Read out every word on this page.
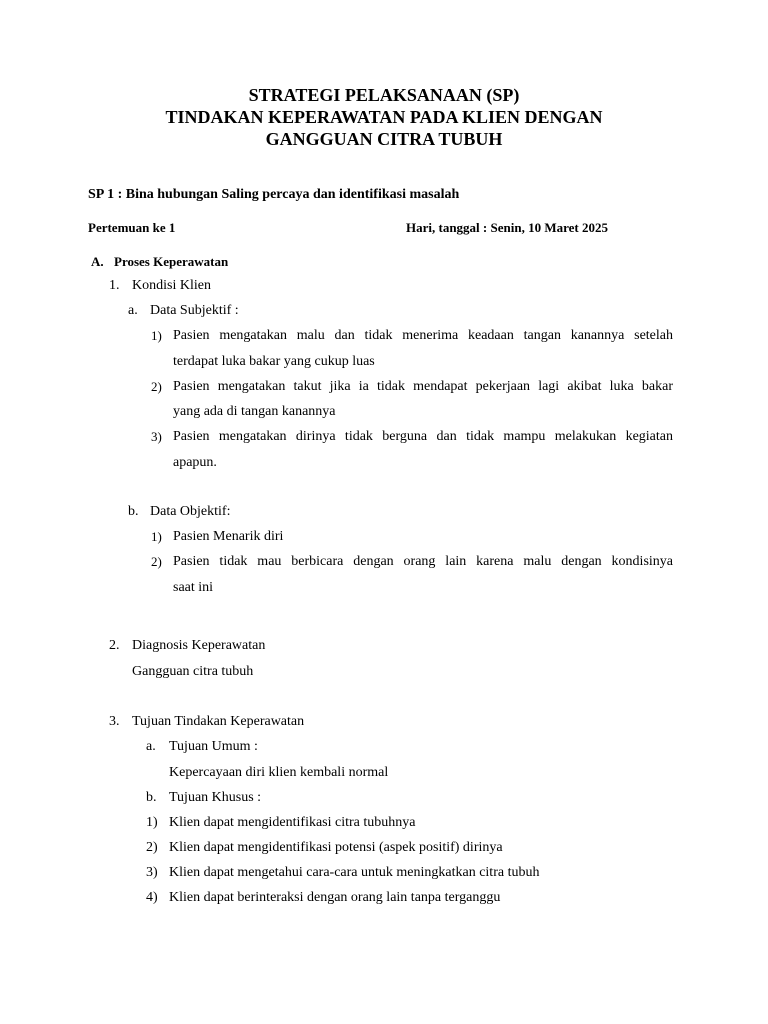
STRATEGI PELAKSANAAN (SP)
TINDAKAN KEPERAWATAN PADA KLIEN DENGAN
GANGGUAN CITRA TUBUH
SP 1 : Bina hubungan Saling percaya dan identifikasi masalah
Pertemuan ke 1	Hari, tanggal : Senin, 10 Maret 2025
A. Proses Keperawatan
1. Kondisi Klien
a. Data Subjektif :
1) Pasien mengatakan malu dan tidak menerima keadaan tangan kanannya setelah
terdapat luka bakar yang cukup luas
2) Pasien mengatakan takut jika ia tidak mendapat pekerjaan lagi akibat luka bakar
yang ada di tangan kanannya
3) Pasien mengatakan dirinya tidak berguna dan tidak mampu melakukan kegiatan
apapun.
b. Data Objektif:
1) Pasien Menarik diri
2) Pasien tidak mau berbicara dengan orang lain karena malu dengan kondisinya
saat ini
2. Diagnosis Keperawatan
Gangguan citra tubuh
3. Tujuan Tindakan Keperawatan
a. Tujuan Umum :
Kepercayaan diri klien kembali normal
b. Tujuan Khusus :
1) Klien dapat mengidentifikasi citra tubuhnya
2) Klien dapat mengidentifikasi potensi (aspek positif) dirinya
3) Klien dapat mengetahui cara-cara untuk meningkatkan citra tubuh
4) Klien dapat berinteraksi dengan orang lain tanpa terganggu
